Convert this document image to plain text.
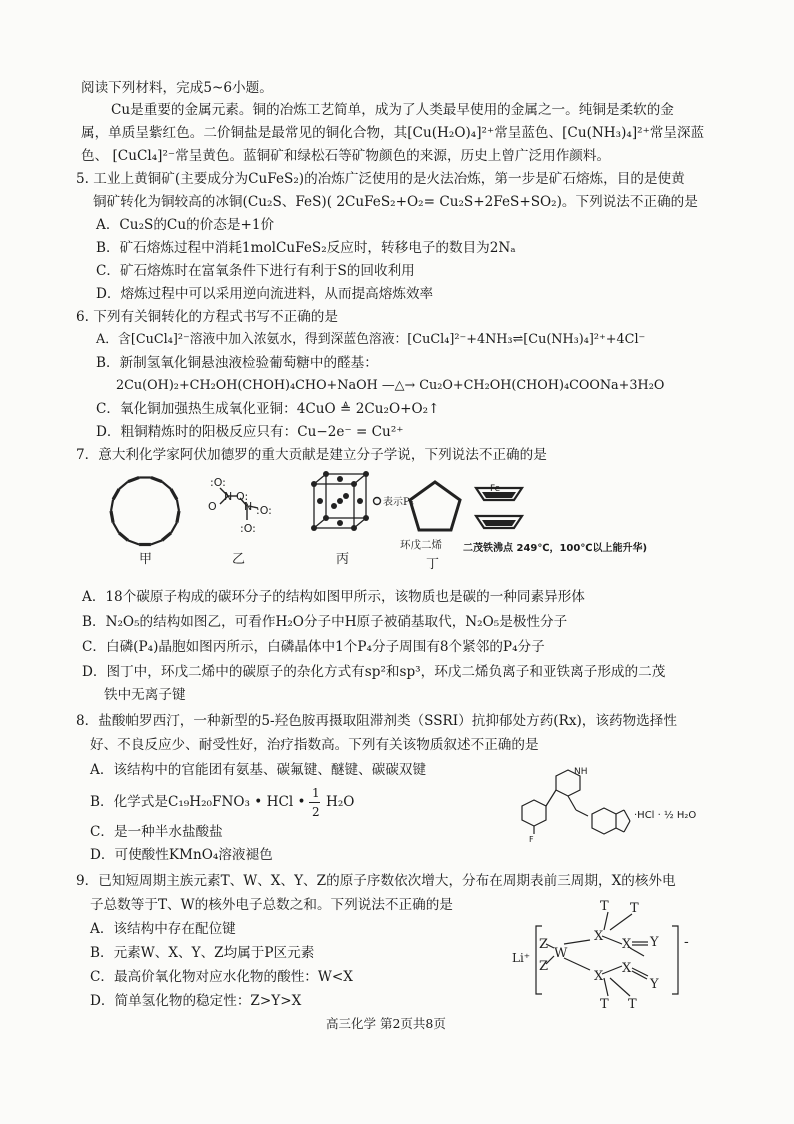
阅读下列材料，完成5~6小题。
Cu是重要的金属元素。铜的冶炼工艺简单，成为了人类最早使用的金属之一。纯铜是柔软的金
属，单质呈紫红色。二价铜盐是最常见的铜化合物，其[Cu(H₂O)₄]²⁺常呈蓝色、[Cu(NH₃)₄]²⁺常呈深蓝
色、 [CuCl₄]²⁻常呈黄色。蓝铜矿和绿松石等矿物颜色的来源，历史上曾广泛用作颜料。
5. 工业上黄铜矿(主要成分为CuFeS₂)的冶炼广泛使用的是火法冶炼，第一步是矿石熔炼，目的是使黄
铜矿转化为铜较高的冰铜(Cu₂S、FeS)( 2CuFeS₂+O₂= Cu₂S+2FeS+SO₂)。下列说法不正确的是
A．Cu₂S的Cu的价态是+1价
B．矿石熔炼过程中消耗1molCuFeS₂反应时，转移电子的数目为2Nₐ
C．矿石熔炼时在富氧条件下进行有利于S的回收利用
D．熔炼过程中可以采用逆向流进料，从而提高熔炼效率
6. 下列有关铜转化的方程式书写不正确的是
A．含[CuCl₄]²⁻溶液中加入浓氨水，得到深蓝色溶液：[CuCl₄]²⁻+4NH₃⇌[Cu(NH₃)₄]²⁺+4Cl⁻
B．新制氢氧化铜悬浊液检验葡萄糖中的醛基：
2Cu(OH)₂+CH₂OH(CHOH)₄CHO+NaOH —△→ Cu₂O+CH₂OH(CHOH)₄COONa+3H₂O
C．氧化铜加强热生成氧化亚铜：4CuO ≜ 2Cu₂O+O₂↑
D．粗铜精炼时的阳极反应只有：Cu−2e⁻ = Cu²⁺
7．意大利化学家阿伏加德罗的重大贡献是建立分子学说，下列说法不正确的是
:O:
N O:
N :O:
:O:
O	表示P₄
环戊二烯
Fe
二茂铁沸点 249℃，100℃以上能升华)
甲	乙	丙	丁
A．18个碳原子构成的碳环分子的结构如图甲所示，该物质也是碳的一种同素异形体
B．N₂O₅的结构如图乙，可看作H₂O分子中H原子被硝基取代，N₂O₅是极性分子
C．白磷(P₄)晶胞如图丙所示，白磷晶体中1个P₄分子周围有8个紧邻的P₄分子
D．图丁中，环戊二烯中的碳原子的杂化方式有sp²和sp³，环戊二烯负离子和亚铁离子形成的二茂
铁中无离子键
8．盐酸帕罗西汀，一种新型的5-羟色胺再摄取阻滞剂类（SSRI）抗抑郁处方药(Rx)，该药物选择性
好、不良反应少、耐受性好，治疗指数高。下列有关该物质叙述不正确的是
A．该结构中的官能团有氨基、碳氟键、醚键、碳碳双键
B．化学式是C₁₉H₂₀FNO₃ • HCl •
1
2
H₂O
C．是一种半水盐酸盐
D．可使酸性KMnO₄溶液褪色
NH
F
·HCl · ½ H₂O
9．已知短周期主族元素T、W、X、Y、Z的原子序数依次增大，分布在周期表前三周期，X的核外电
子总数等于T、W的核外电子总数之和。下列说法不正确的是
A．该结构中存在配位键
B．元素W、X、Y、Z均属于P区元素
C．最高价氧化物对应水化物的酸性：W<X
D．简单氢化物的稳定性：Z>Y>X
Li⁺ W
Z
Z
X
X
X
X
Y
Y
T T
T T
-
高三化学 第2页共8页
